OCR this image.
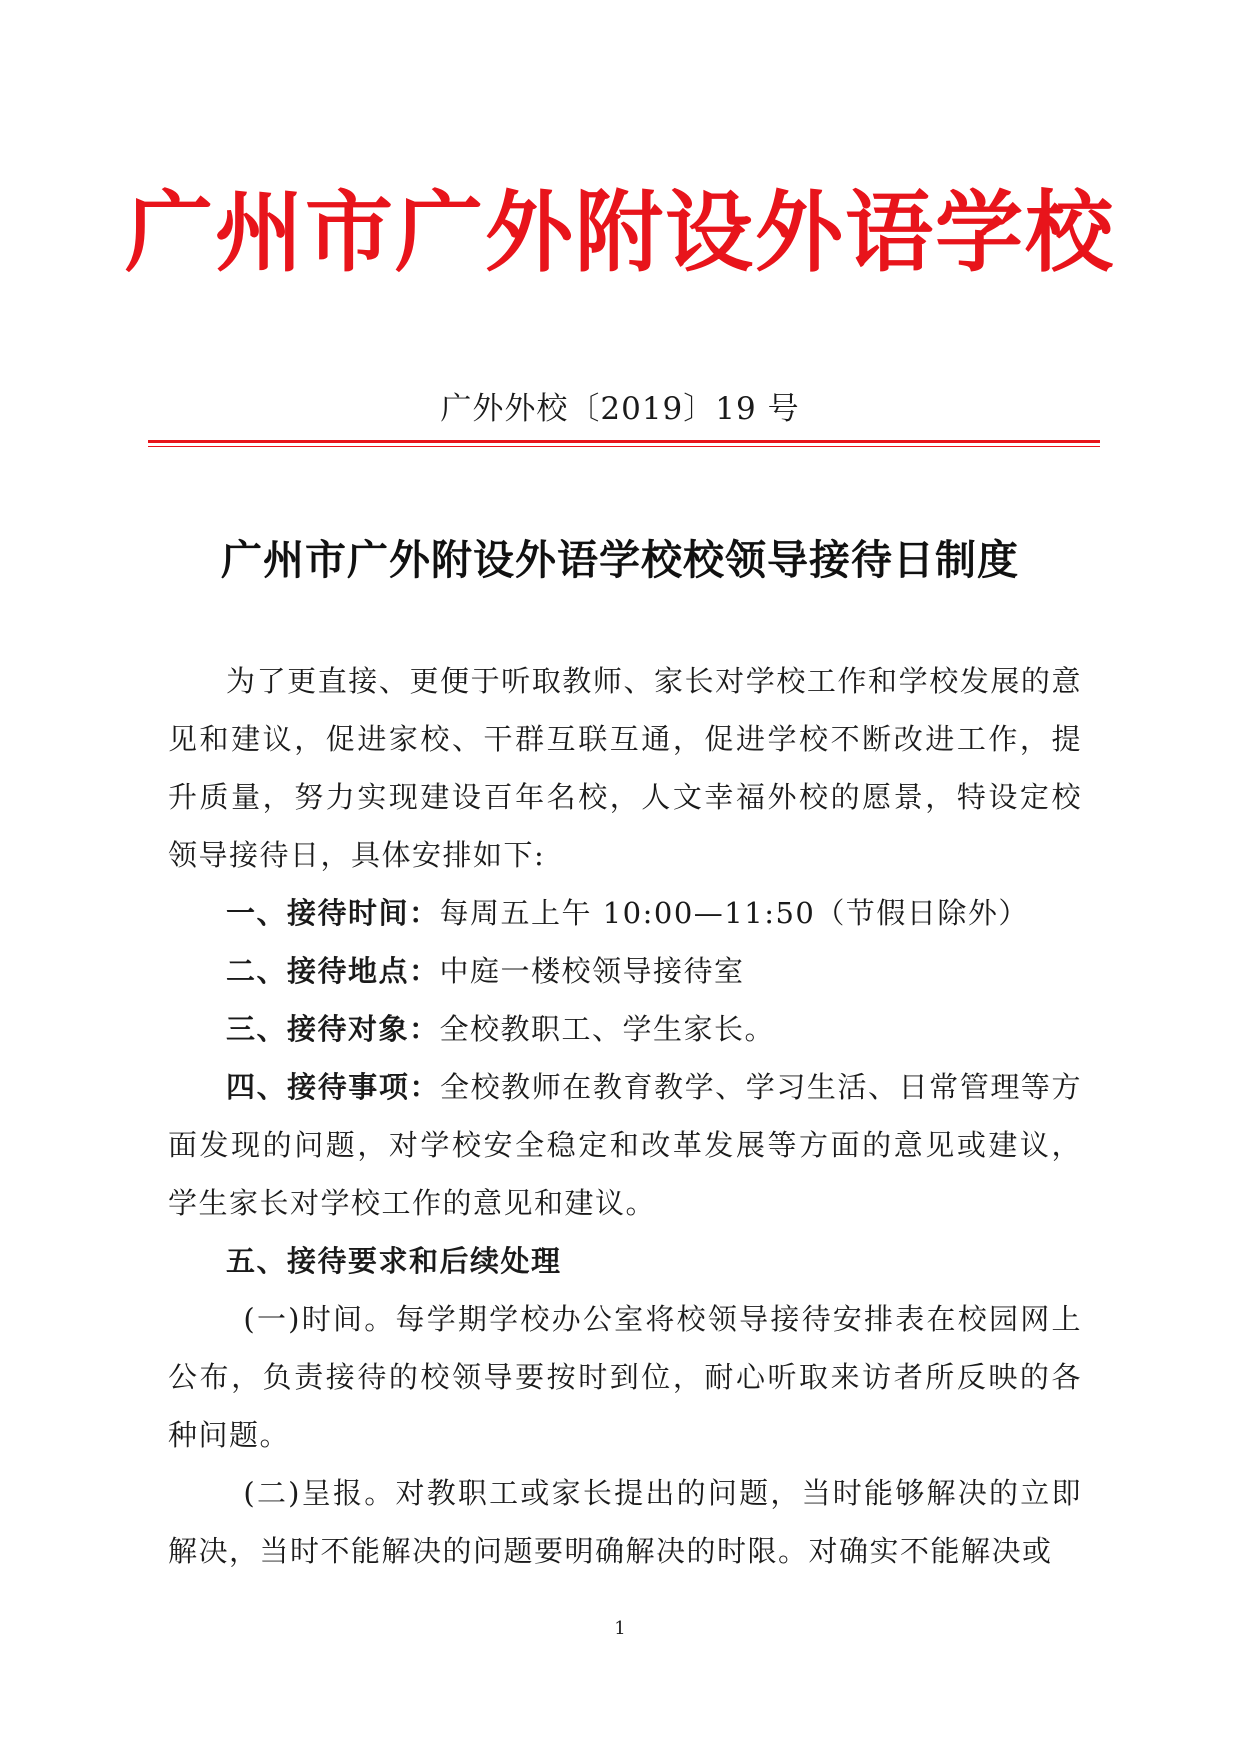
广州市广外附设外语学校
广外外校〔2019〕19 号
广州市广外附设外语学校校领导接待日制度

为了更直接、更便于听取教师、家长对学校工作和学校发展的意见和建议，促进家校、干群互联互通，促进学校不断改进工作，提升质量，努力实现建设百年名校，人文幸福外校的愿景，特设定校领导接待日，具体安排如下:

一、接待时间：每周五上午 10:00—11:50（节假日除外）

二、接待地点：中庭一楼校领导接待室

三、接待对象：全校教职工、学生家长。

四、接待事项：全校教师在教育教学、学习生活、日常管理等方面发现的问题，对学校安全稳定和改革发展等方面的意见或建议，学生家长对学校工作的意见和建议。

五、接待要求和后续处理

(一)时间。每学期学校办公室将校领导接待安排表在校园网上公布，负责接待的校领导要按时到位，耐心听取来访者所反映的各种问题。

(二)呈报。对教职工或家长提出的问题，当时能够解决的立即解决，当时不能解决的问题要明确解决的时限。对确实不能解决或

1
